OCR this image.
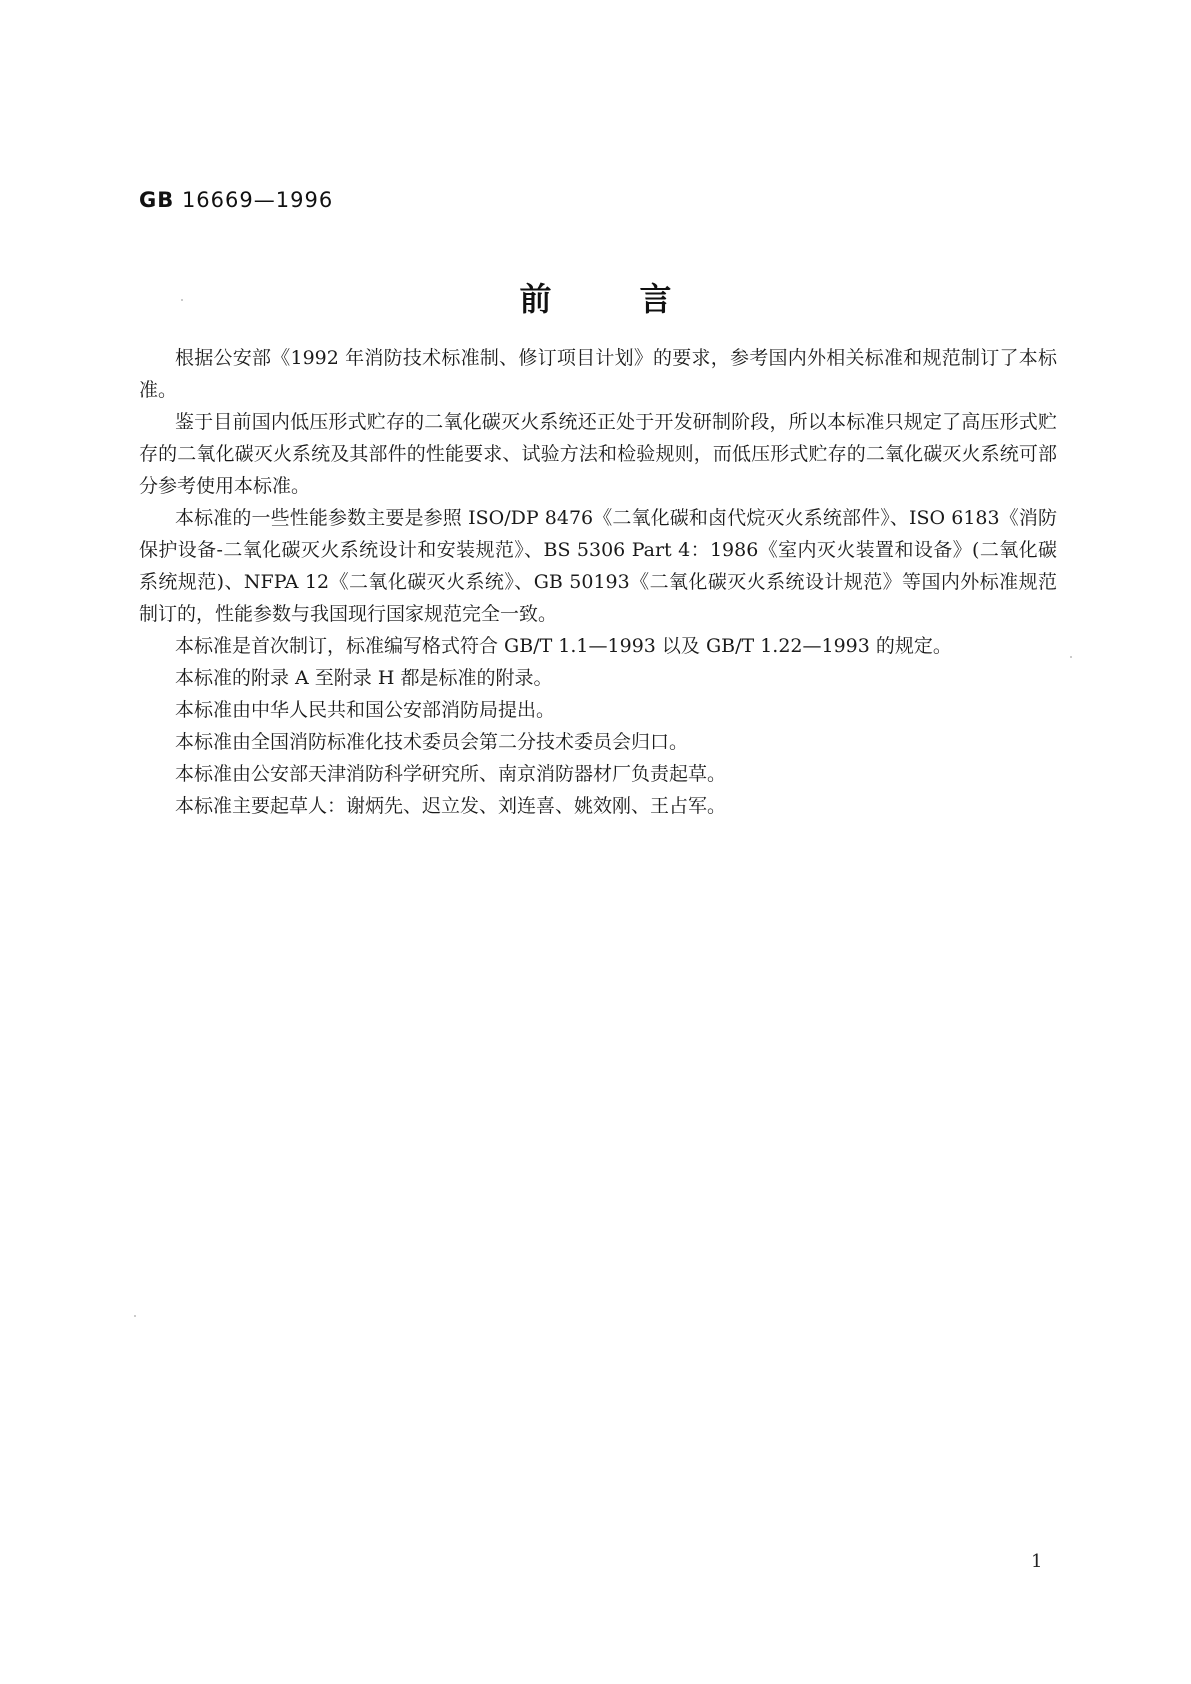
GB 16669—1996
前言

根据公安部《1992 年消防技术标准制、修订项目计划》的要求，参考国内外相关标准和规范制订了本标准。

鉴于目前国内低压形式贮存的二氧化碳灭火系统还正处于开发研制阶段，所以本标准只规定了高压形式贮存的二氧化碳灭火系统及其部件的性能要求、试验方法和检验规则，而低压形式贮存的二氧化碳灭火系统可部分参考使用本标准。

本标准的一些性能参数主要是参照 ISO/DP 8476《二氧化碳和卤代烷灭火系统部件》、ISO 6183《消防保护设备-二氧化碳灭火系统设计和安装规范》、BS 5306 Part 4：1986《室内灭火装置和设备》(二氧化碳系统规范)、NFPA 12《二氧化碳灭火系统》、GB 50193《二氧化碳灭火系统设计规范》等国内外标准规范制订的，性能参数与我国现行国家规范完全一致。

本标准是首次制订，标准编写格式符合 GB/T 1.1—1993 以及 GB/T 1.22—1993 的规定。

本标准的附录 A 至附录 H 都是标准的附录。

本标准由中华人民共和国公安部消防局提出。

本标准由全国消防标准化技术委员会第二分技术委员会归口。

本标准由公安部天津消防科学研究所、南京消防器材厂负责起草。

本标准主要起草人：谢炳先、迟立发、刘连喜、姚效刚、王占军。

1
